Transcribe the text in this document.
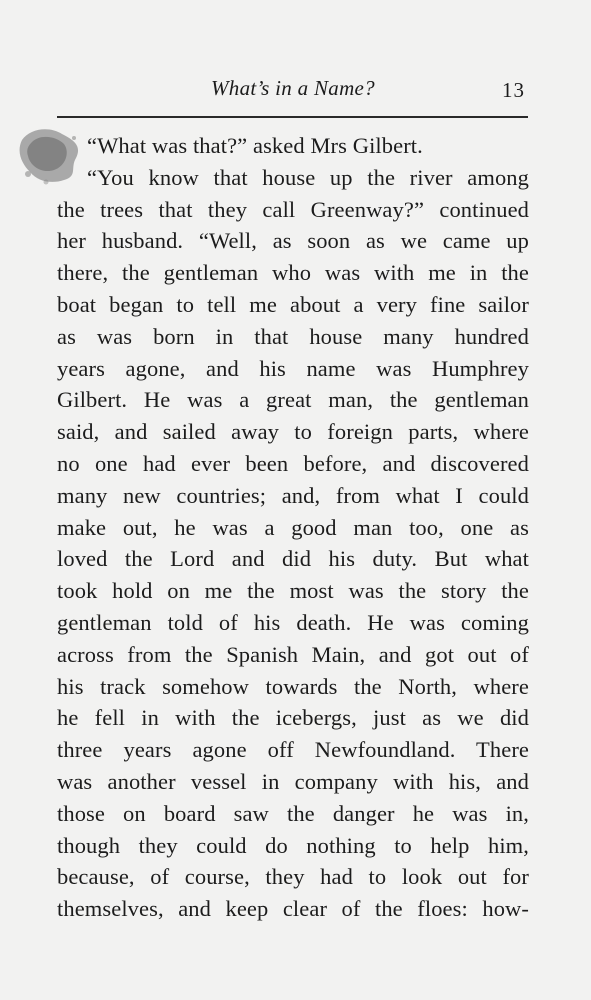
What’s in a Name?	13
“What was that?” asked Mrs Gilbert.
“You know that house up the river among
the trees that they call Greenway?” continued
her husband. “Well, as soon as we came up
there, the gentleman who was with me in the
boat began to tell me about a very fine sailor
as was born in that house many hundred
years agone, and his name was Humphrey
Gilbert. He was a great man, the gentleman
said, and sailed away to foreign parts, where
no one had ever been before, and discovered
many new countries; and, from what I could
make out, he was a good man too, one as
loved the Lord and did his duty. But what
took hold on me the most was the story the
gentleman told of his death. He was coming
across from the Spanish Main, and got out of
his track somehow towards the North, where
he fell in with the icebergs, just as we did
three years agone off Newfoundland. There
was another vessel in company with his, and
those on board saw the danger he was in,
though they could do nothing to help him,
because, of course, they had to look out for
themselves, and keep clear of the floes: how-
